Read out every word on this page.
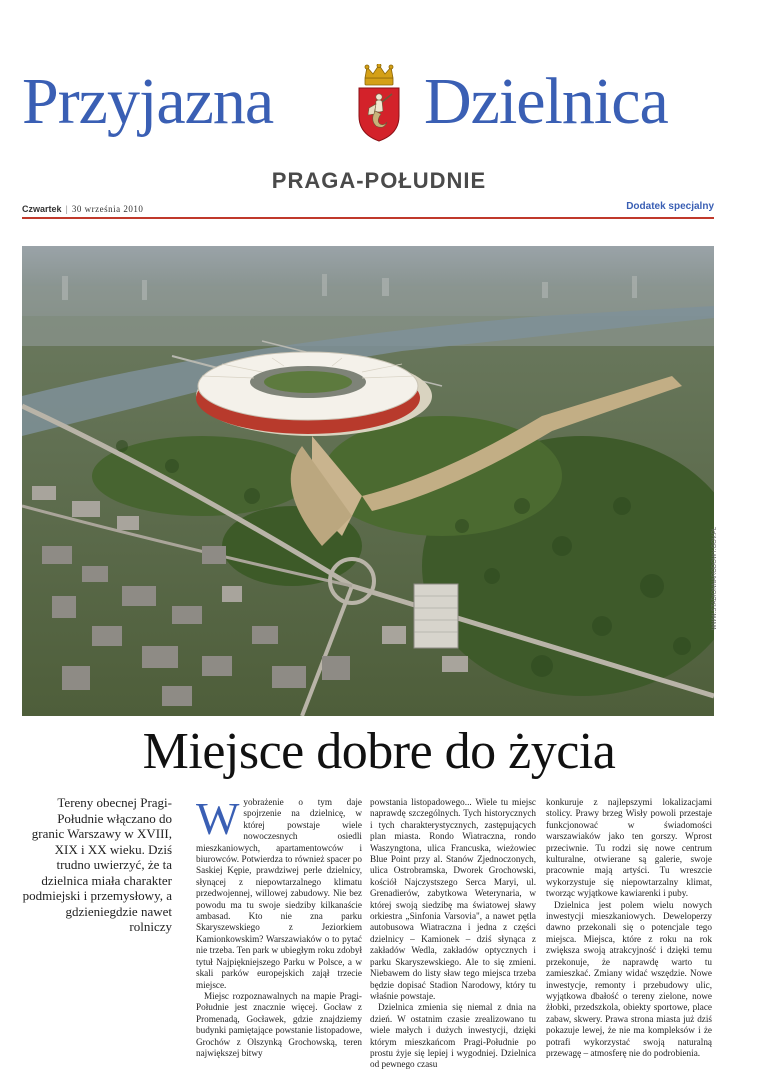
Przyjazna Dzielnica
PRAGA-POŁUDNIE
Czwartek | 30 września 2010	Dodatek specjalny
WWW.STADIONNARODOWY.GOV.PL
Miejsce dobre do życia
Tereny obecnej Pragi-Południe włączano do granic Warszawy w XVIII, XIX i XX wieku. Dziś trudno uwierzyć, że ta dzielnica miała charakter podmiejski i przemysłowy, a gdzieniegdzie nawet rolniczy

Wyobrażenie o tym daje spojrzenie na dzielnicę, w której powstaje wiele nowoczesnych osiedli mieszkaniowych, apartamentowców i biurowców. Potwierdza to również spacer po Saskiej Kępie, prawdziwej perle dzielnicy, słynącej z niepowtarzalnego klimatu przedwojennej, willowej zabudowy. Nie bez powodu ma tu swoje siedziby kilkanaście ambasad. Kto nie zna parku Skaryszewskiego z Jeziorkiem Kamionkowskim? Warszawiaków o to pytać nie trzeba. Ten park w ubiegłym roku zdobył tytuł Najpiękniejszego Parku w Polsce, a w skali parków europejskich zajął trzecie miejsce.

Miejsc rozpoznawalnych na mapie Pragi-Południe jest znacznie więcej. Gocław z Promenadą, Gocławek, gdzie znajdziemy budynki pamiętające powstanie listopadowe, Grochów z Olszynką Grochowską, teren największej bitwy

powstania listopadowego... Wiele tu miejsc naprawdę szczególnych. Tych historycznych i tych charakterystycznych, zastępujących plan miasta. Rondo Wiatraczna, rondo Waszyngtona, ulica Francuska, wieżowiec Blue Point przy al. Stanów Zjednoczonych, ulica Ostrobramska, Dworek Grochowski, kościół Najczystszego Serca Maryi, ul. Grenadierów, zabytkowa Weterynaria, w której swoją siedzibę ma światowej sławy orkiestra „Sinfonia Varsovia", a nawet pętla autobusowa Wiatraczna i jedna z części dzielnicy – Kamionek – dziś słynąca z zakładów Wedla, zakładów optycznych i parku Skaryszewskiego. Ale to się zmieni. Niebawem do listy sław tego miejsca trzeba będzie dopisać Stadion Narodowy, który tu właśnie powstaje.

Dzielnica zmienia się niemal z dnia na dzień. W ostatnim czasie zrealizowano tu wiele małych i dużych inwestycji, dzięki którym mieszkańcom Pragi-Południe po prostu żyje się lepiej i wygodniej. Dzielnica od pewnego czasu

konkuruje z najlepszymi lokalizacjami stolicy. Prawy brzeg Wisły powoli przestaje funkcjonować w świadomości warszawiaków jako ten gorszy. Wprost przeciwnie. Tu rodzi się nowe centrum kulturalne, otwierane są galerie, swoje pracownie mają artyści. Tu wreszcie wykorzystuje się niepowtarzalny klimat, tworząc wyjątkowe kawiarenki i puby.

Dzielnica jest polem wielu nowych inwestycji mieszkaniowych. Deweloperzy dawno przekonali się o potencjale tego miejsca. Miejsca, które z roku na rok zwiększa swoją atrakcyjność i dzięki temu przekonuje, że naprawdę warto tu zamieszkać. Zmiany widać wszędzie. Nowe inwestycje, remonty i przebudowy ulic, wyjątkowa dbałość o tereny zielone, nowe żłobki, przedszkola, obiekty sportowe, place zabaw, skwery. Prawa strona miasta już dziś pokazuje lewej, że nie ma kompleksów i że potrafi wykorzystać swoją naturalną przewagę – atmosferę nie do podrobienia.
